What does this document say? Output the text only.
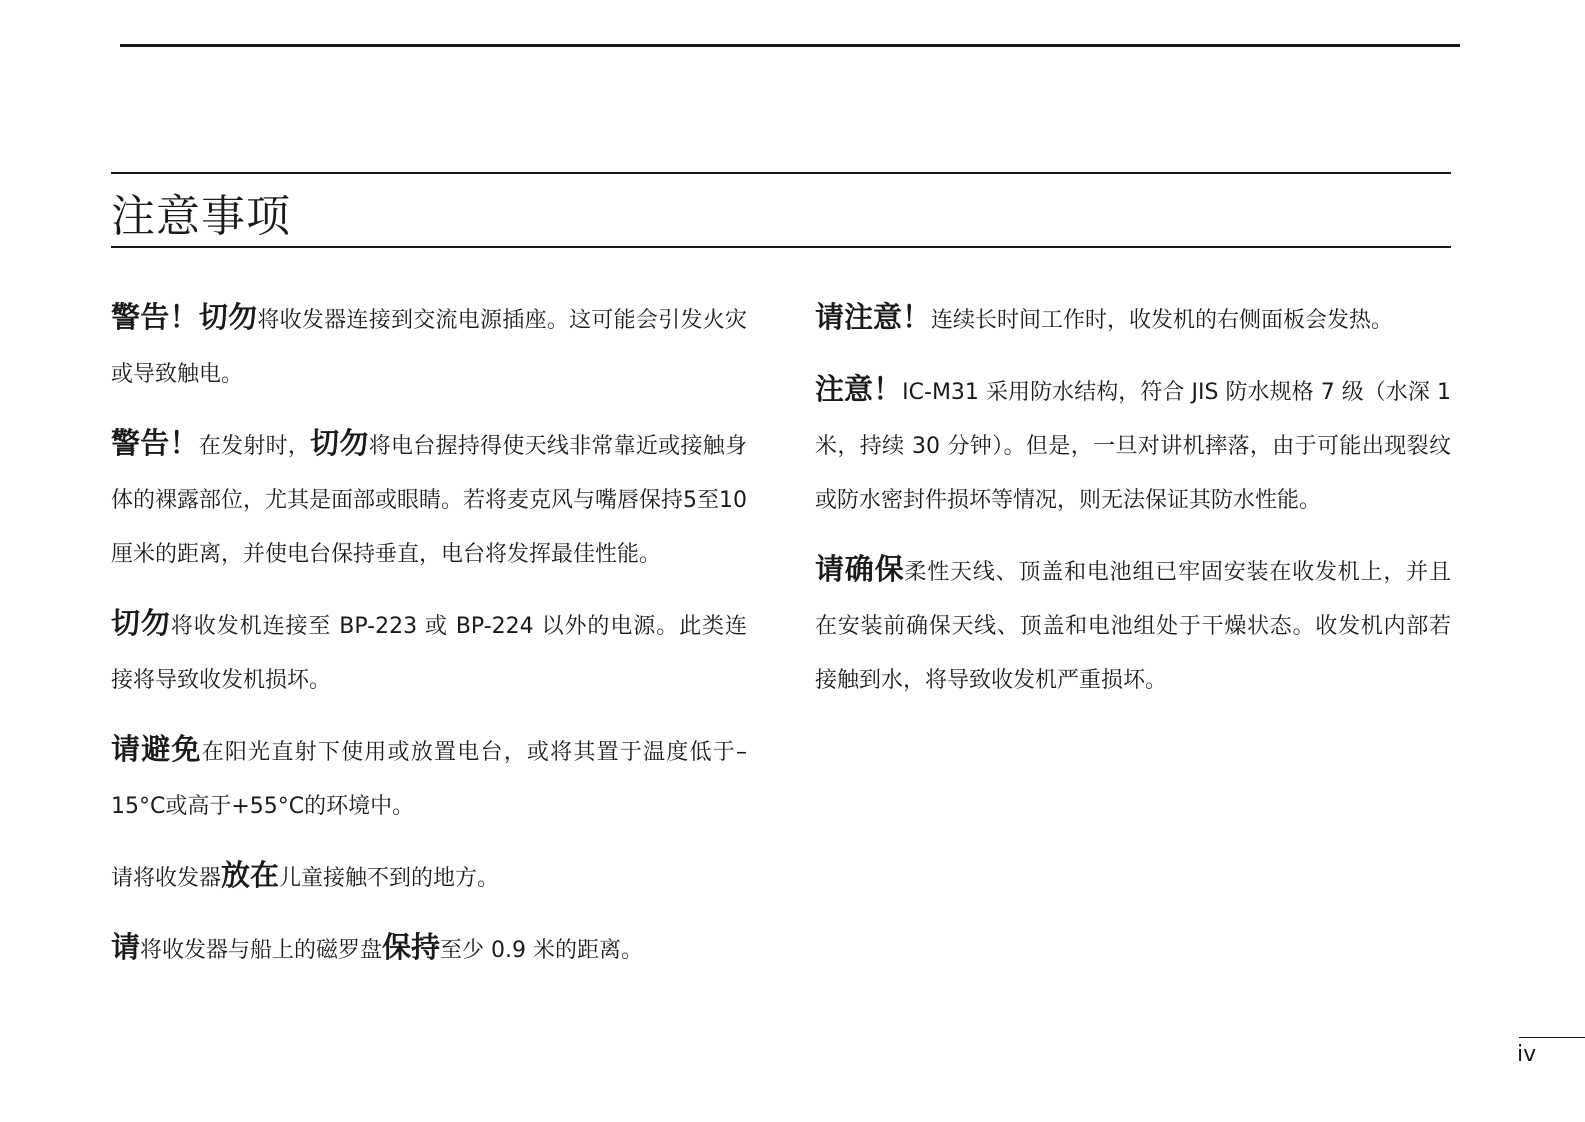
注意事项

警告！切勿将收发器连接到交流电源插座。这可能会引发火灾或导致触电。

警告！在发射时，切勿将电台握持得使天线非常靠近或接触身体的裸露部位，尤其是面部或眼睛。若将麦克风与嘴唇保持5至10厘米的距离，并使电台保持垂直，电台将发挥最佳性能。

切勿将收发机连接至 BP-223 或 BP-224 以外的电源。此类连接将导致收发机损坏。

请避免在阳光直射下使用或放置电台，或将其置于温度低于–15°C或高于+55°C的环境中。

请将收发器放在儿童接触不到的地方。

请将收发器与船上的磁罗盘保持至少 0.9 米的距离。

请注意！连续长时间工作时，收发机的右侧面板会发热。

注意！IC-M31 采用防水结构，符合 JIS 防水规格 7 级（水深 1 米，持续 30 分钟）。但是，一旦对讲机摔落，由于可能出现裂纹或防水密封件损坏等情况，则无法保证其防水性能。

请确保柔性天线、顶盖和电池组已牢固安装在收发机上，并且在安装前确保天线、顶盖和电池组处于干燥状态。收发机内部若接触到水，将导致收发机严重损坏。

iv
